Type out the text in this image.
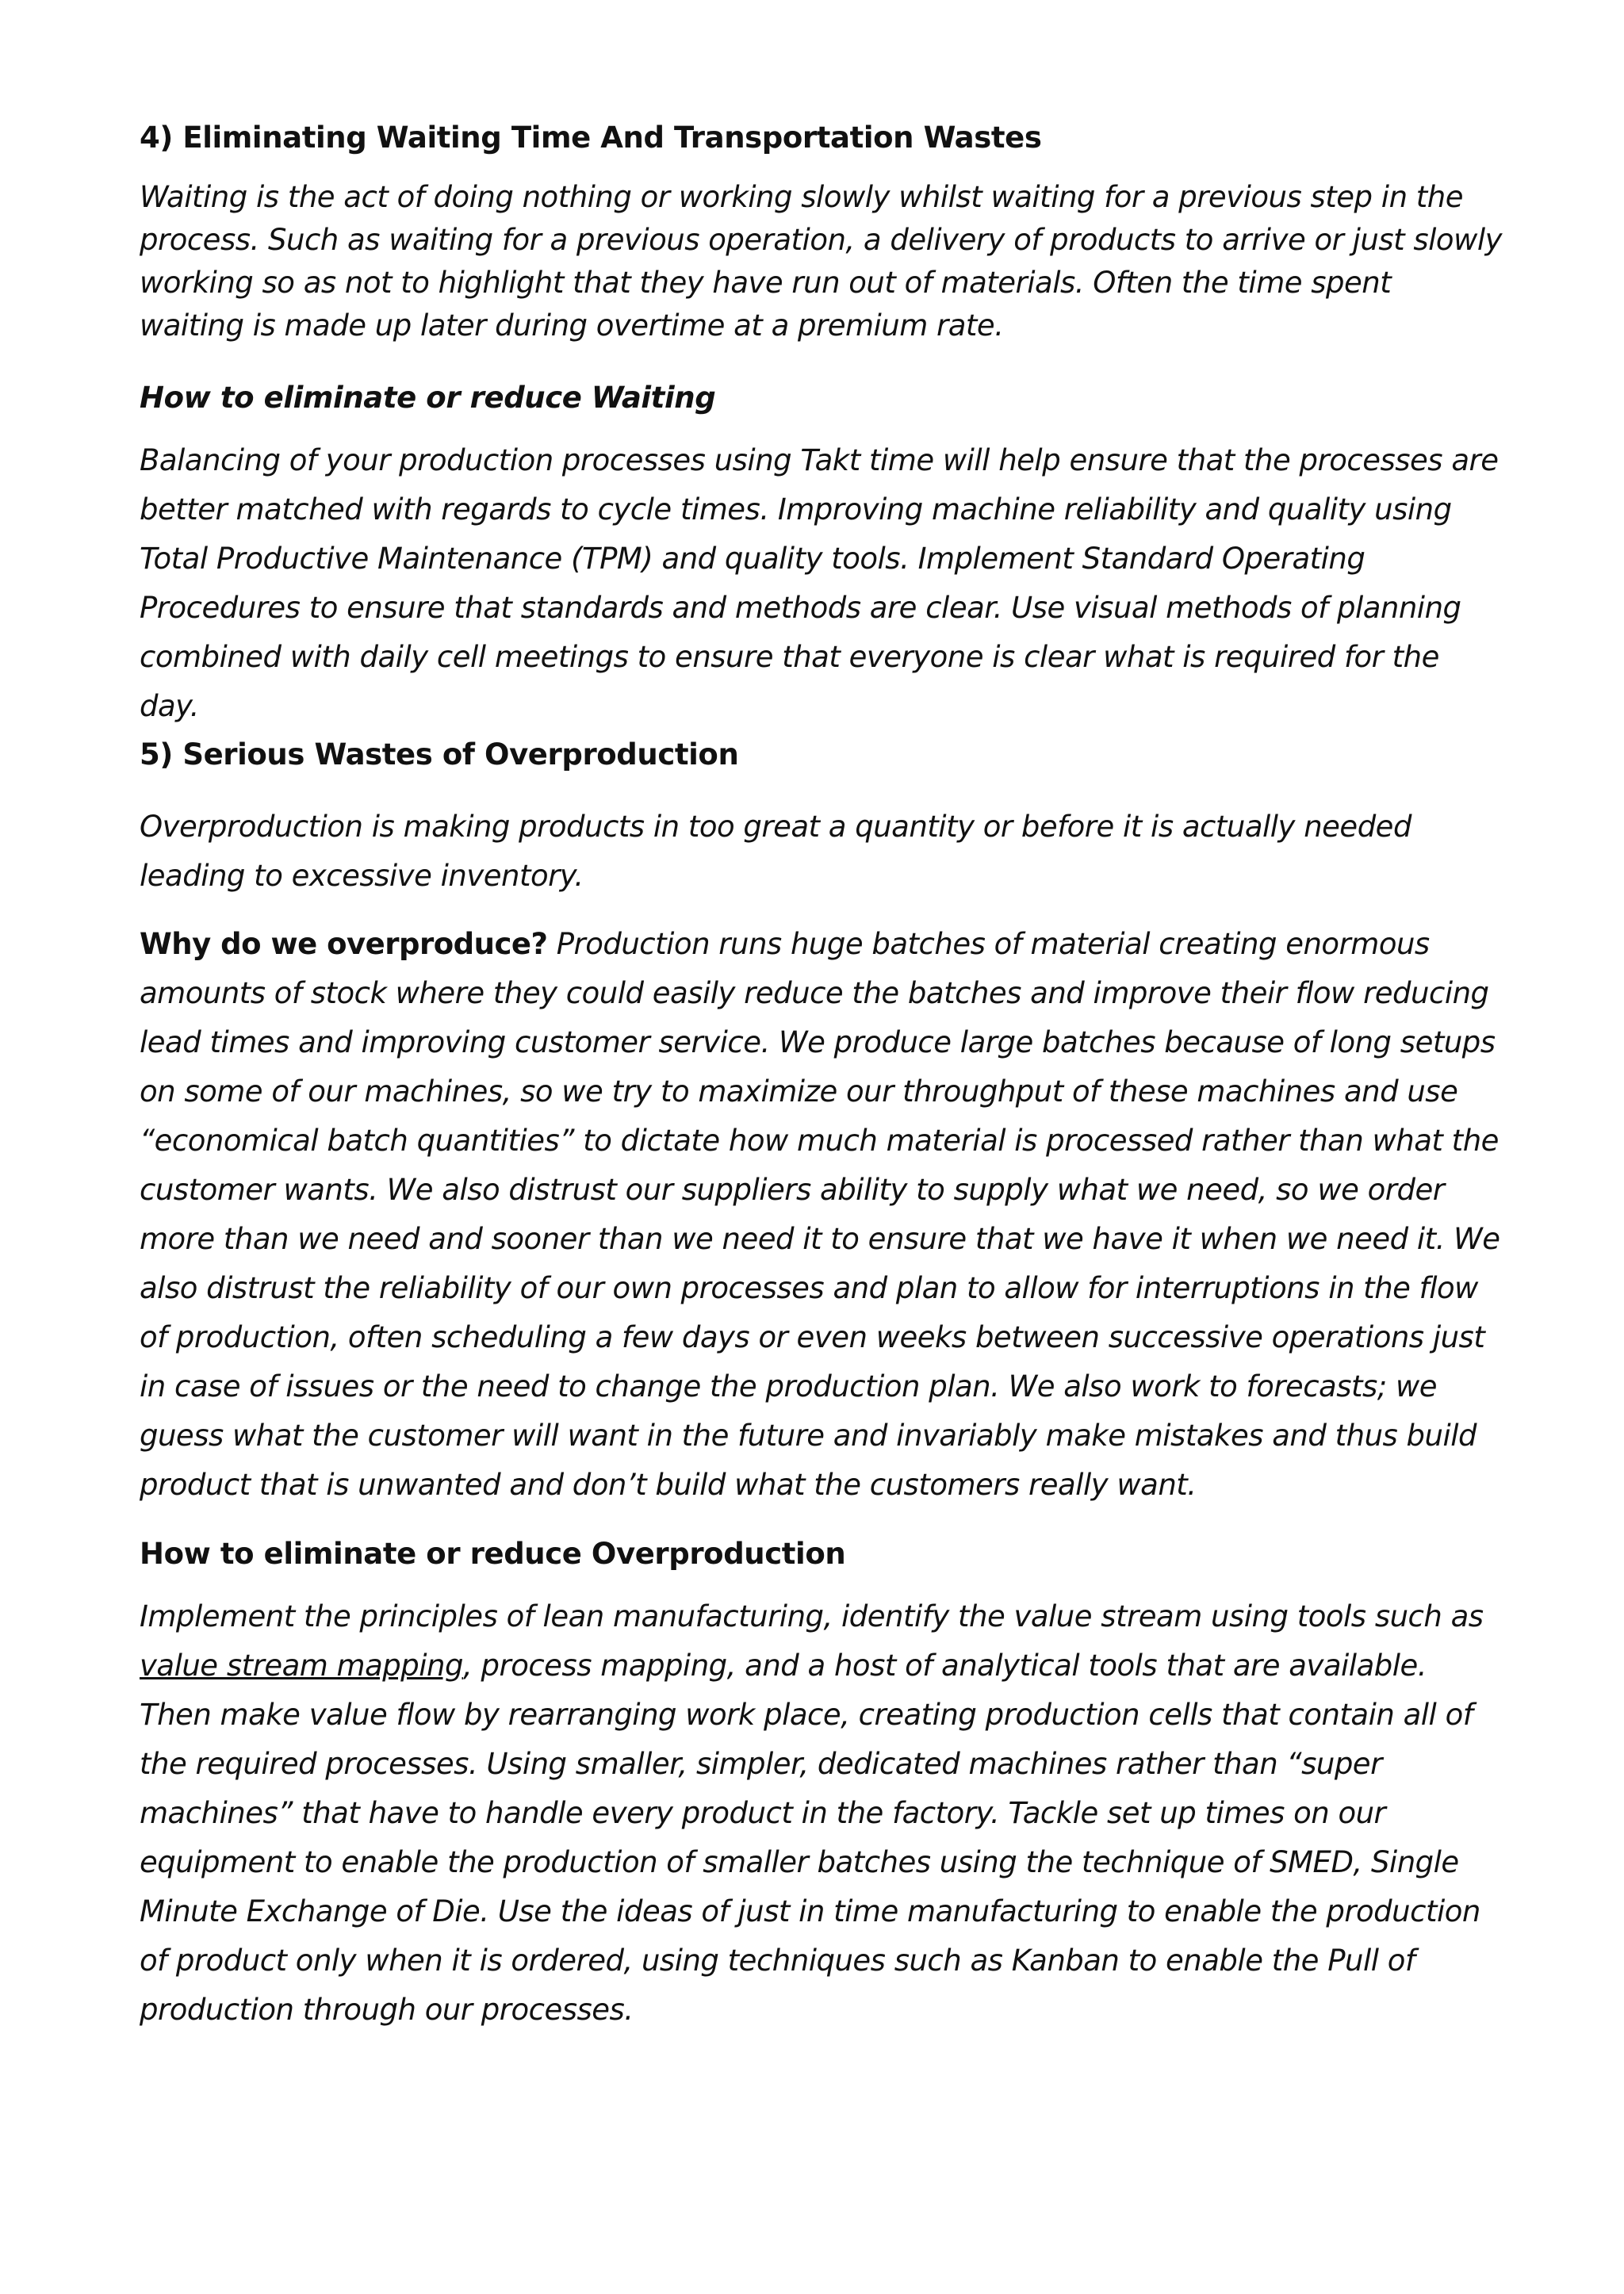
4) Eliminating Waiting Time And Transportation Wastes

Waiting is the act of doing nothing or working slowly whilst waiting for a previous step in the process. Such as waiting for a previous operation, a delivery of products to arrive or just slowly working so as not to highlight that they have run out of materials. Often the time spent waiting is made up later during overtime at a premium rate.

How to eliminate or reduce Waiting

Balancing of your production processes using Takt time will help ensure that the processes are better matched with regards to cycle times. Improving machine reliability and quality using Total Productive Maintenance (TPM) and quality tools. Implement Standard Operating Procedures to ensure that standards and methods are clear. Use visual methods of planning combined with daily cell meetings to ensure that everyone is clear what is required for the day.

5) Serious Wastes of Overproduction

Overproduction is making products in too great a quantity or before it is actually needed leading to excessive inventory.

Why do we overproduce? Production runs huge batches of material creating enormous amounts of stock where they could easily reduce the batches and improve their flow reducing lead times and improving customer service. We produce large batches because of long setups on some of our machines, so we try to maximize our throughput of these machines and use “economical batch quantities” to dictate how much material is processed rather than what the customer wants. We also distrust our suppliers ability to supply what we need, so we order more than we need and sooner than we need it to ensure that we have it when we need it. We also distrust the reliability of our own processes and plan to allow for interruptions in the flow of production, often scheduling a few days or even weeks between successive operations just in case of issues or the need to change the production plan. We also work to forecasts; we guess what the customer will want in the future and invariably make mistakes and thus build product that is unwanted and don’t build what the customers really want.

How to eliminate or reduce Overproduction

Implement the principles of lean manufacturing, identify the value stream using tools such as value stream mapping, process mapping, and a host of analytical tools that are available. Then make value flow by rearranging work place, creating production cells that contain all of the required processes. Using smaller, simpler, dedicated machines rather than “super machines” that have to handle every product in the factory. Tackle set up times on our equipment to enable the production of smaller batches using the technique of SMED, Single Minute Exchange of Die. Use the ideas of just in time manufacturing to enable the production of product only when it is ordered, using techniques such as Kanban to enable the Pull of production through our processes.
